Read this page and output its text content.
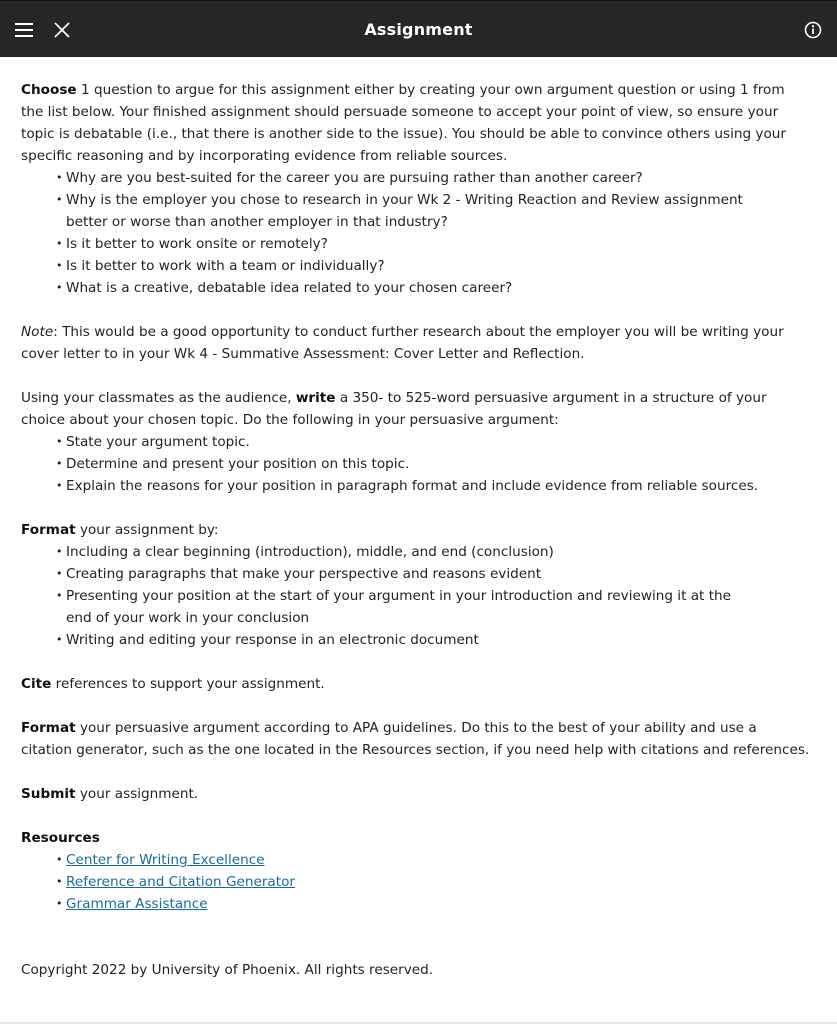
Assignment

Choose 1 question to argue for this assignment either by creating your own argument question or using 1 from the list below. Your finished assignment should persuade someone to accept your point of view, so ensure your topic is debatable (i.e., that there is another side to the issue). You should be able to convince others using your specific reasoning and by incorporating evidence from reliable sources.

• Why are you best-suited for the career you are pursuing rather than another career?
• Why is the employer you chose to research in your Wk 2 - Writing Reaction and Review assignment better or worse than another employer in that industry?
• Is it better to work onsite or remotely?
• Is it better to work with a team or individually?
• What is a creative, debatable idea related to your chosen career?

Note: This would be a good opportunity to conduct further research about the employer you will be writing your cover letter to in your Wk 4 - Summative Assessment: Cover Letter and Reflection.

Using your classmates as the audience, write a 350- to 525-word persuasive argument in a structure of your choice about your chosen topic. Do the following in your persuasive argument:

• State your argument topic.
• Determine and present your position on this topic.
• Explain the reasons for your position in paragraph format and include evidence from reliable sources.

Format your assignment by:

• Including a clear beginning (introduction), middle, and end (conclusion)
• Creating paragraphs that make your perspective and reasons evident
• Presenting your position at the start of your argument in your introduction and reviewing it at the end of your work in your conclusion
• Writing and editing your response in an electronic document

Cite references to support your assignment.

Format your persuasive argument according to APA guidelines. Do this to the best of your ability and use a citation generator, such as the one located in the Resources section, if you need help with citations and references.

Submit your assignment.

Resources

• Center for Writing Excellence
• Reference and Citation Generator
• Grammar Assistance

Copyright 2022 by University of Phoenix. All rights reserved.
